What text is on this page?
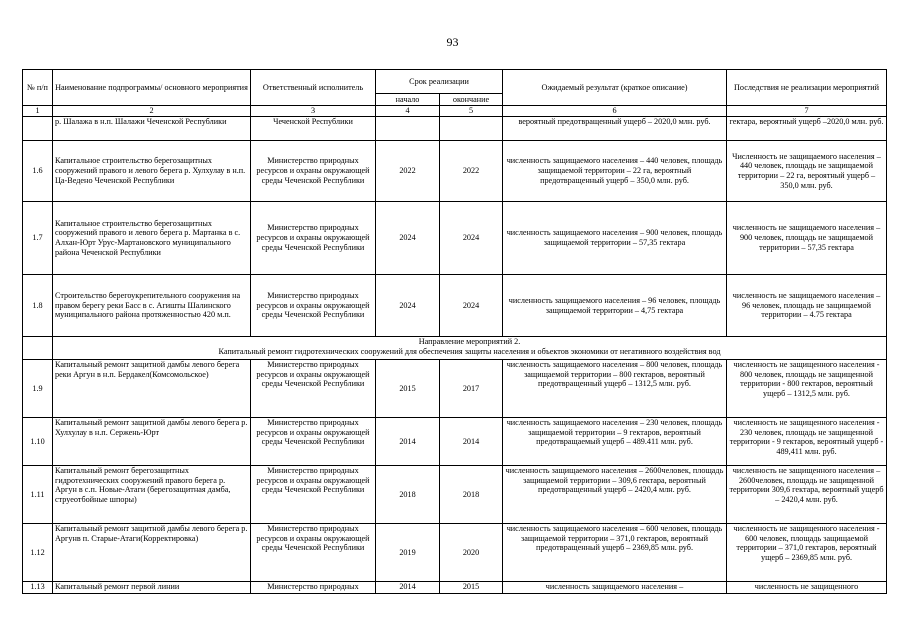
93
№ п/п	Наименование подпрограммы/ основного мероприятия	Ответственный исполнитель	Срок реализации		Ожидаемый результат (краткое описание)	Последствия не реализации мероприятий
			начало	окончание		
1	2	3	4	5	6	7
	р. Шалажа в н.п. Шалажи Чеченской Республики	Чеченской Республики			вероятный предотвращенный ущерб – 2020,0 млн. руб.	гектара, вероятный ущерб –2020,0 млн. руб.
1.6	Капитальное строительство берегозащитных сооружений правого и левого берега р. Хулхулау в н.п. Ца-Ведено Чеченской Республики	Министерство природных ресурсов и охраны окружающей среды Чеченской Республики	2022	2022	численность защищаемого населения – 440 человек, площадь защищаемой территории – 22 га, вероятный предотвращенный ущерб – 350,0 млн. руб.	Численность не защищаемого населения – 440 человек, площадь не защищаемой территории – 22 га, вероятный ущерб – 350,0 млн. руб.
1.7	Капитальное строительство берегозащитных сооружений правого и левого берега р. Мартанка в с. Алхан-Юрт Урус-Мартановского муниципального района Чеченской Республики	Министерство природных ресурсов и охраны окружающей среды Чеченской Республики	2024	2024	численность защищаемого населения – 900 человек, площадь защищаемой территории – 57,35 гектара	численность не защищаемого населения – 900 человек, площадь не защищаемой территории – 57,35 гектара
1.8	Строительство берегоукрепительного сооружения на правом берегу реки Басс в с. Агишты Шалинского муниципального района протяженностью 420 м.п.	Министерство природных ресурсов и охраны окружающей среды Чеченской Республики	2024	2024	численность защищаемого населения – 96 человек, площадь защищаемой территории – 4,75 гектара	численность не защищаемого населения – 96 человек, площадь не защищаемой территории – 4.75 гектара

	Направление мероприятий 2.
Капитальный ремонт гидротехнических сооружений для обеспечения защиты населения и объектов экономики от негативного воздействия вод					

1.9	Капитальный ремонт защитной дамбы левого берега реки Аргун в н.п. Бердакел(Комсомольское)	Министерство природных ресурсов и охраны окружающей среды Чеченской Республики	2015	2017	численность защищаемого населения – 800 человек, площадь защищаемой территории – 800 гектаров, вероятный предотвращенный ущерб – 1312,5 млн. руб.	численность не защищенного населения - 800 человек, площадь не защищенной территории - 800 гектаров, вероятный ущерб – 1312,5 млн. руб.
1.10	Капитальный ремонт защитной дамбы левого берега р. Хулхулау в н.п. Сержень-Юрт	Министерство природных ресурсов и охраны окружающей среды Чеченской Республики	2014	2014	численность защищаемого населения – 230 человек, площадь защищаемой территории – 9 гектаров, вероятный предотвращаемый ущерб – 489.411 млн. руб.	численность не защищенного населения - 230 человек, площадь не защищенной территории - 9 гектаров, вероятный ущерб - 489,411 млн. руб.
1.11	Капитальный ремонт берегозащитных гидротехнических сооружений правого берега р. Аргун в с.п. Новые-Атаги (берегозащитная дамба, струеотбойные шпоры)	Министерство природных ресурсов и охраны окружающей среды Чеченской Республики	2018	2018	численность защищаемого населения – 2600человек, площадь защищаемой территории – 309,6 гектара, вероятный предотвращенный ущерб – 2420,4 млн. руб.	численность не защищенного населения –2600человек, площадь не защищенной территории 309,6 гектара, вероятный ущерб – 2420,4 млн. руб.
1.12	Капитальный ремонт защитной дамбы левого берега р. Аргунв п. Старые-Атаги(Корректировка)	Министерство природных ресурсов и охраны окружающей среды Чеченской Республики	2019	2020	численность защищаемого населения – 600 человек, площадь защищаемой территории – 371,0 гектаров, вероятный предотвращенный ущерб – 2369,85 млн. руб.	численность не защищенного населения - 600 человек, площадь защищаемой территории – 371,0 гектаров, вероятный ущерб – 2369,85 млн. руб.
1.13	Капитальный ремонт первой линии	Министерство природных	2014	2015	численность защищаемого населения –	численность не защищенного
